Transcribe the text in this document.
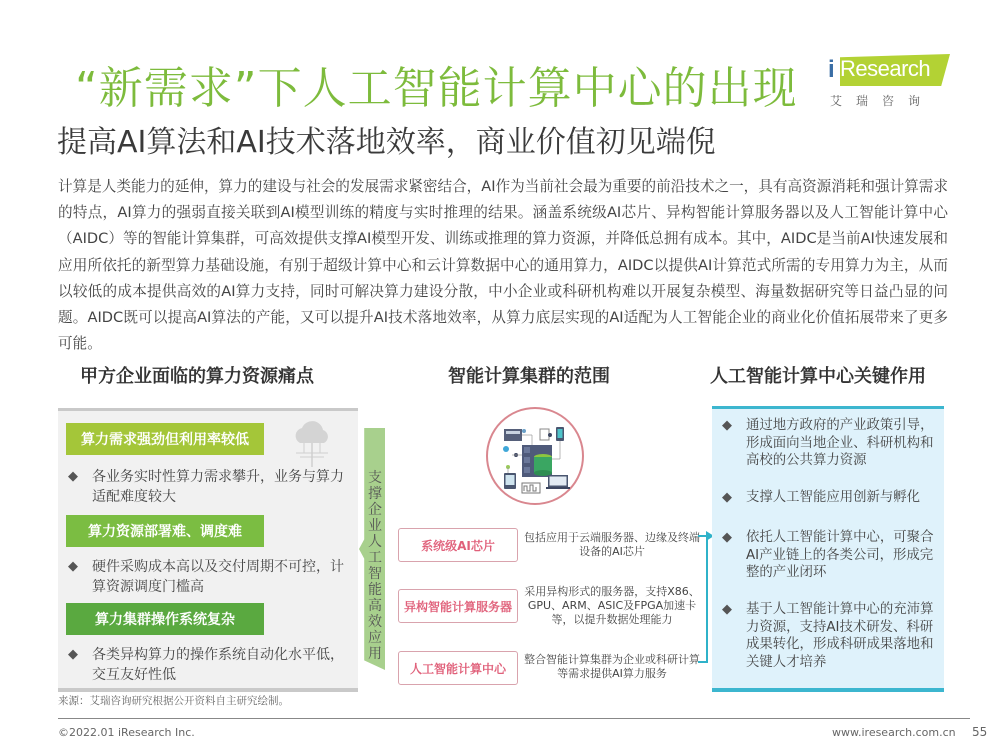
“新需求”下人工智能计算中心的出现
提高AI算法和AI技术落地效率，商业价值初见端倪
i Research
艾瑞咨询

计算是人类能力的延伸，算力的建设与社会的发展需求紧密结合，AI作为当前社会最为重要的前沿技术之一，具有高资源消耗和强计算需求的特点，AI算力的强弱直接关联到AI模型训练的精度与实时推理的结果。涵盖系统级AI芯片、异构智能计算服务器以及人工智能计算中心（AIDC）等的智能计算集群，可高效提供支撑AI模型开发、训练或推理的算力资源，并降低总拥有成本。其中，AIDC是当前AI快速发展和应用所依托的新型算力基础设施，有别于超级计算中心和云计算数据中心的通用算力，AIDC以提供AI计算范式所需的专用算力为主，从而以较低的成本提供高效的AI算力支持，同时可解决算力建设分散，中小企业或科研机构难以开展复杂模型、海量数据研究等日益凸显的问题。AIDC既可以提高AI算法的产能，又可以提升AI技术落地效率，从算力底层实现的AI适配为人工智能企业的商业化价值拓展带来了更多可能。

甲方企业面临的算力资源痛点	智能计算集群的范围	人工智能计算中心关键作用
算力需求强劲但利用率较低
◆ 各业务实时性算力需求攀升，业务与算力适配难度较大
算力资源部署难、调度难
◆ 硬件采购成本高以及交付周期不可控，计算资源调度门槛高
算力集群操作系统复杂
◆ 各类异构算力的操作系统自动化水平低，交互友好性低
支撑企业人工智能高效应用
系统级AI芯片
包括应用于云端服务器、边缘及终端设备的AI芯片
异构智能计算服务器
采用异构形式的服务器，支持X86、GPU、ARM、ASIC及FPGA加速卡等，以提升数据处理能力
人工智能计算中心
整合智能计算集群为企业或科研计算等需求提供AI算力服务
◆ 通过地方政府的产业政策引导，形成面向当地企业、科研机构和高校的公共算力资源
◆ 支撑人工智能应用创新与孵化
◆ 依托人工智能计算中心，可聚合AI产业链上的各类公司，形成完整的产业闭环
◆ 基于人工智能计算中心的充沛算力资源，支持AI技术研发、科研成果转化，形成科研成果落地和关键人才培养
来源：艾瑞咨询研究根据公开资料自主研究绘制。
©2022.01 iResearch Inc.	www.iresearch.com.cn 55
